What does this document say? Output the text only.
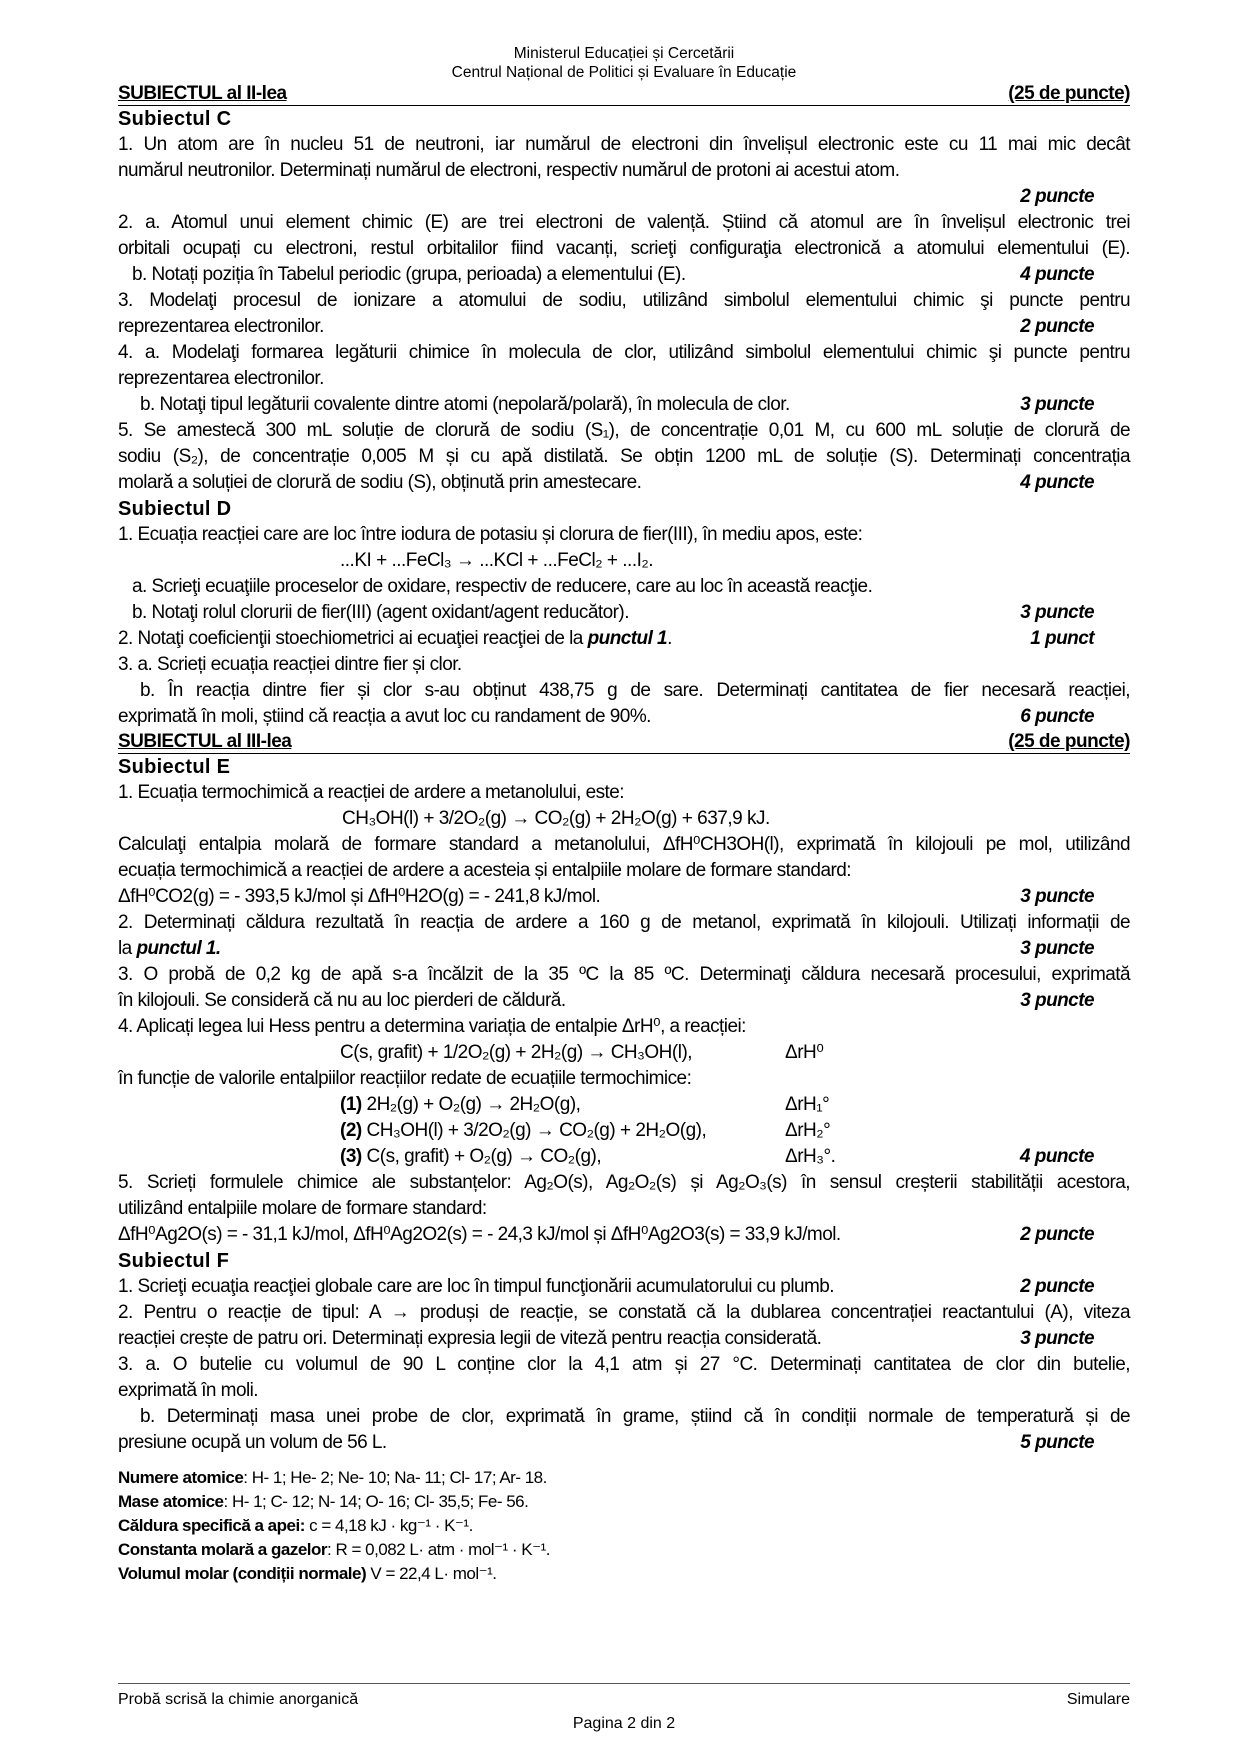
Ministerul Educației și Cercetării
Centrul Național de Politici și Evaluare în Educație
SUBIECTUL al II-lea	(25 de puncte)
Subiectul C
1. Un atom are în nucleu 51 de neutroni, iar numărul de electroni din învelișul electronic este cu 11 mai mic decât
numărul neutronilor. Determinați numărul de electroni, respectiv numărul de protoni ai acestui atom.
2 puncte
2. a. Atomul unui element chimic (E) are trei electroni de valență. Știind că atomul are în învelișul electronic trei
orbitali ocupați cu electroni, restul orbitalilor fiind vacanți, scrieţi configuraţia electronică a atomului elementului (E).
b. Notați poziția în Tabelul periodic (grupa, perioada) a elementului (E).	4 puncte
3. Modelaţi procesul de ionizare a atomului de sodiu, utilizând simbolul elementului chimic şi puncte pentru
reprezentarea electronilor.	2 puncte
4. a. Modelaţi formarea legăturii chimice în molecula de clor, utilizând simbolul elementului chimic şi puncte pentru
reprezentarea electronilor.
b. Notaţi tipul legăturii covalente dintre atomi (nepolară/polară), în molecula de clor.	3 puncte
5. Se amestecă 300 mL soluție de clorură de sodiu (S₁), de concentrație 0,01 M, cu 600 mL soluție de clorură de
sodiu (S₂), de concentrație 0,005 M și cu apă distilată. Se obțin 1200 mL de soluție (S). Determinați concentrația
molară a soluției de clorură de sodiu (S), obținută prin amestecare.	4 puncte
Subiectul D
1. Ecuația reacției care are loc între iodura de potasiu și clorura de fier(III), în mediu apos, este:
...KI + ...FeCl₃ → ...KCl + ...FeCl₂ + ...I₂.
a. Scrieţi ecuaţiile proceselor de oxidare, respectiv de reducere, care au loc în această reacţie.
b. Notaţi rolul clorurii de fier(III) (agent oxidant/agent reducător).	3 puncte
2. Notaţi coeficienţii stoechiometrici ai ecuaţiei reacţiei de la punctul 1.	1 punct
3. a. Scrieți ecuația reacției dintre fier și clor.
b. În reacția dintre fier și clor s-au obținut 438,75 g de sare. Determinați cantitatea de fier necesară reacției,
exprimată în moli, știind că reacția a avut loc cu randament de 90%.	6 puncte
SUBIECTUL al III-lea	(25 de puncte)
Subiectul E
1. Ecuația termochimică a reacției de ardere a metanolului, este:
CH₃OH(l) + 3/2O₂(g) → CO₂(g) + 2H₂O(g) + 637,9 kJ.
Calculaţi entalpia molară de formare standard a metanolului, ΔfH⁰CH3OH(l), exprimată în kilojouli pe mol, utilizând
ecuația termochimică a reacției de ardere a acesteia și entalpiile molare de formare standard:
ΔfH⁰CO2(g) = - 393,5 kJ/mol și ΔfH⁰H2O(g) = - 241,8 kJ/mol.	3 puncte
2. Determinați căldura rezultată în reacția de ardere a 160 g de metanol, exprimată în kilojouli. Utilizați informații de
la punctul 1.	3 puncte
3. O probă de 0,2 kg de apă s-a încălzit de la 35 ºC la 85 ºC. Determinaţi căldura necesară procesului, exprimată
în kilojouli. Se consideră că nu au loc pierderi de căldură.	3 puncte
4. Aplicați legea lui Hess pentru a determina variația de entalpie ΔrH⁰, a reacției:
C(s, grafit) + 1/2O₂(g) + 2H₂(g) → CH₃OH(l),	ΔrH⁰
în funcție de valorile entalpiilor reacțiilor redate de ecuațiile termochimice:
(1) 2H₂(g) + O₂(g) → 2H₂O(g),	ΔrH₁°
(2) CH₃OH(l) + 3/2O₂(g) → CO₂(g) + 2H₂O(g),	ΔrH₂°
(3) C(s, grafit) + O₂(g) → CO₂(g),	ΔrH₃°.	4 puncte
5. Scrieți formulele chimice ale substanțelor: Ag₂O(s), Ag₂O₂(s) și Ag₂O₃(s) în sensul creșterii stabilității acestora,
utilizând entalpiile molare de formare standard:
ΔfH⁰Ag2O(s) = - 31,1 kJ/mol, ΔfH⁰Ag2O2(s) = - 24,3 kJ/mol și ΔfH⁰Ag2O3(s) = 33,9 kJ/mol.	2 puncte
Subiectul F
1. Scrieţi ecuaţia reacţiei globale care are loc în timpul funcţionării acumulatorului cu plumb.	2 puncte
2. Pentru o reacție de tipul: A → produși de reacție, se constată că la dublarea concentrației reactantului (A), viteza
reacției crește de patru ori. Determinați expresia legii de viteză pentru reacția considerată.	3 puncte
3. a. O butelie cu volumul de 90 L conține clor la 4,1 atm și 27 °C. Determinați cantitatea de clor din butelie,
exprimată în moli.
b. Determinați masa unei probe de clor, exprimată în grame, știind că în condiții normale de temperatură și de
presiune ocupă un volum de 56 L.	5 puncte
Numere atomice: H- 1; He- 2; Ne- 10; Na- 11; Cl- 17; Ar- 18.
Mase atomice: H- 1; C- 12; N- 14; O- 16; Cl- 35,5; Fe- 56.
Căldura specifică a apei: c = 4,18 kJ · kg⁻¹ · K⁻¹.
Constanta molară a gazelor: R = 0,082 L· atm · mol⁻¹ · K⁻¹.
Volumul molar (condiții normale) V = 22,4 L· mol⁻¹.
Probă scrisă la chimie anorganică	Simulare
Pagina 2 din 2
